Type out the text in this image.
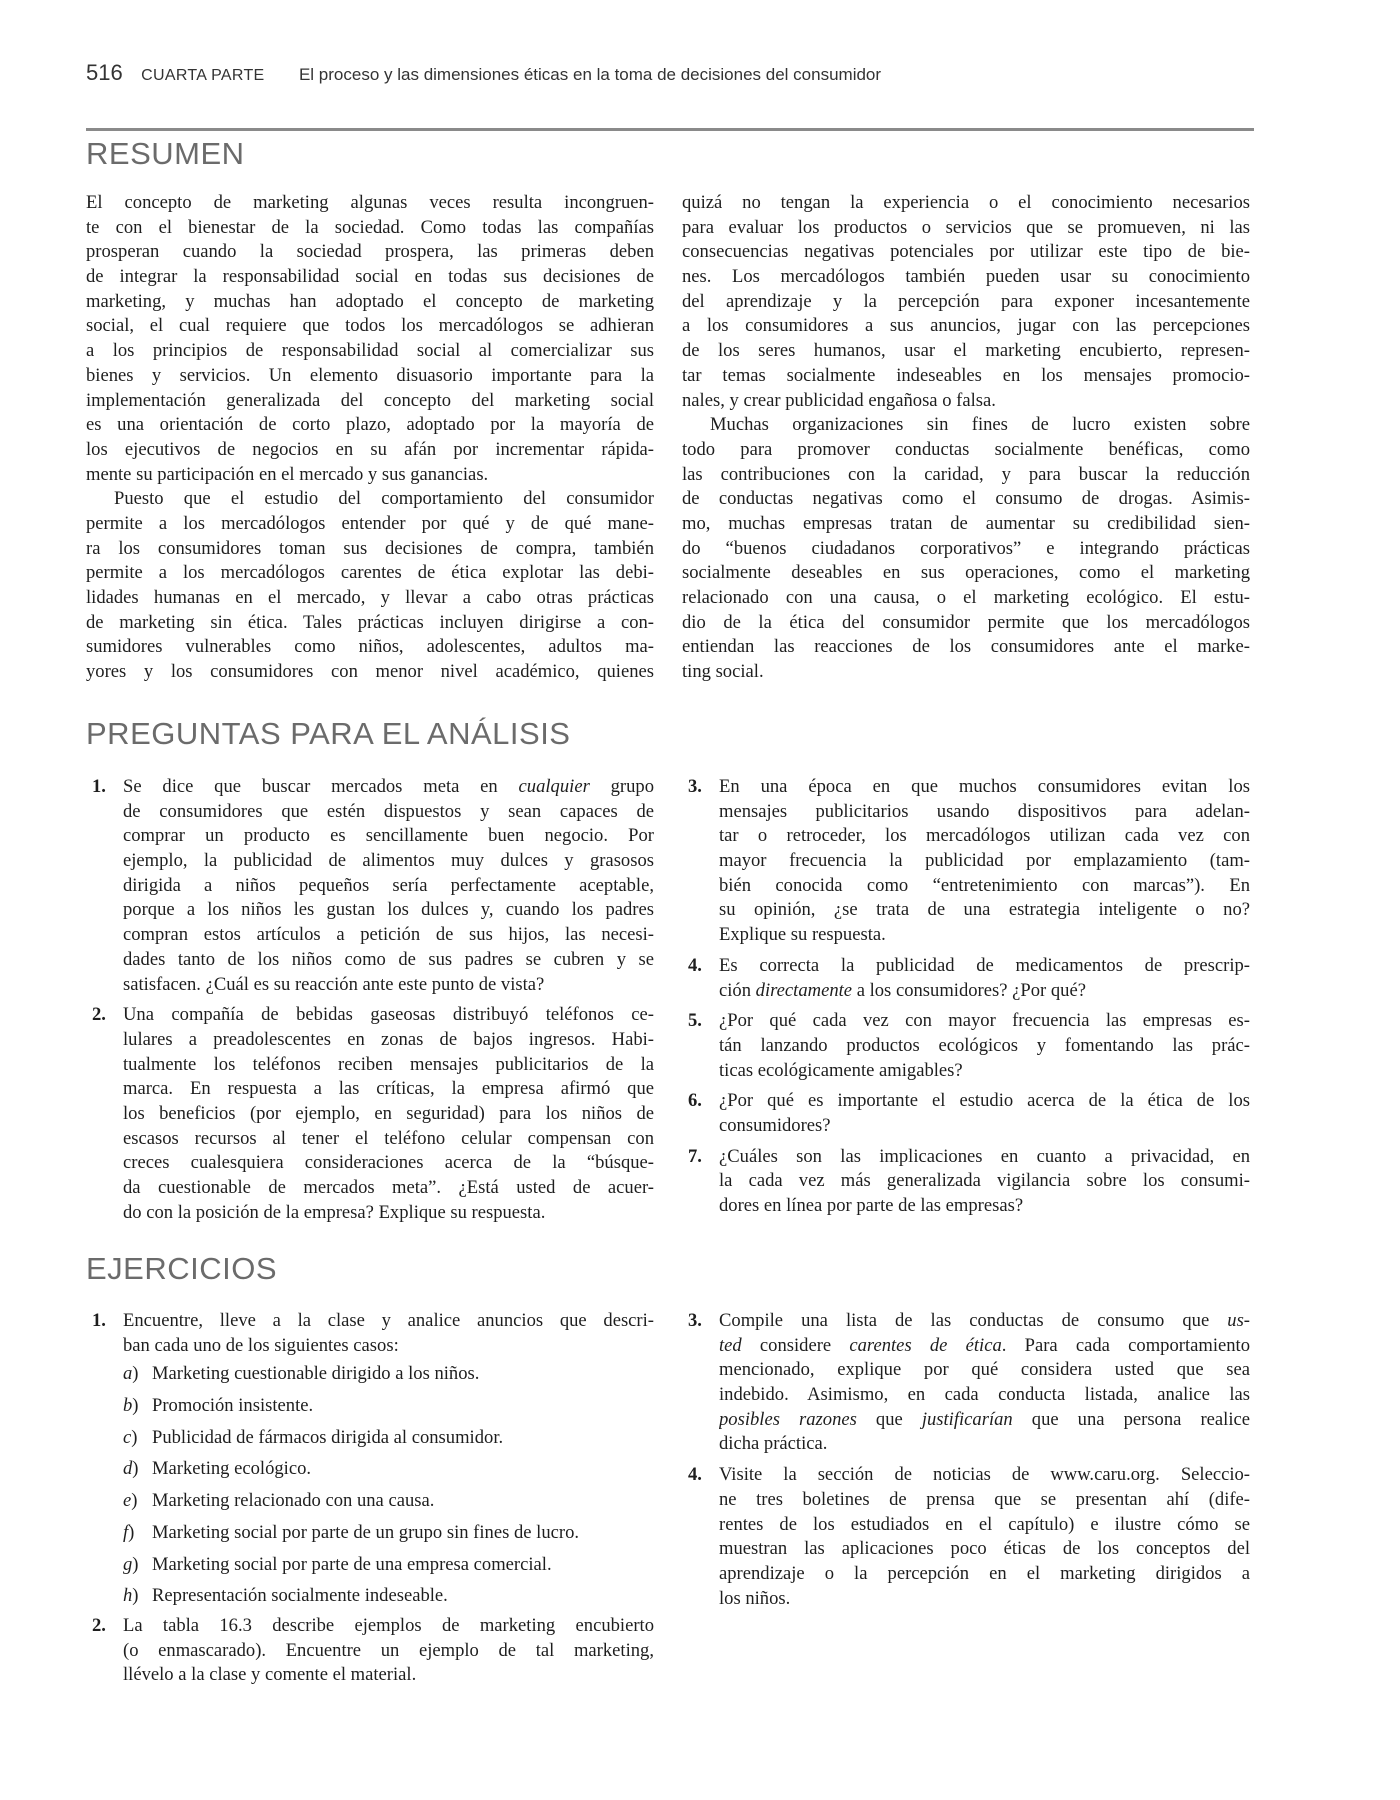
516 CUARTA PARTE El proceso y las dimensiones éticas en la toma de decisiones del consumidor
RESUMEN
El concepto de marketing algunas veces resulta incongruen-
te con el bienestar de la sociedad. Como todas las compañías
prosperan cuando la sociedad prospera, las primeras deben
de integrar la responsabilidad social en todas sus decisiones de
marketing, y muchas han adoptado el concepto de marketing
social, el cual requiere que todos los mercadólogos se adhieran
a los principios de responsabilidad social al comercializar sus
bienes y servicios. Un elemento disuasorio importante para la
implementación generalizada del concepto del marketing social
es una orientación de corto plazo, adoptado por la mayoría de
los ejecutivos de negocios en su afán por incrementar rápida-
mente su participación en el mercado y sus ganancias.
Puesto que el estudio del comportamiento del consumidor
permite a los mercadólogos entender por qué y de qué mane-
ra los consumidores toman sus decisiones de compra, también
permite a los mercadólogos carentes de ética explotar las debi-
lidades humanas en el mercado, y llevar a cabo otras prácticas
de marketing sin ética. Tales prácticas incluyen dirigirse a con-
sumidores vulnerables como niños, adolescentes, adultos ma-
yores y los consumidores con menor nivel académico, quienes
quizá no tengan la experiencia o el conocimiento necesarios
para evaluar los productos o servicios que se promueven, ni las
consecuencias negativas potenciales por utilizar este tipo de bie-
nes. Los mercadólogos también pueden usar su conocimiento
del aprendizaje y la percepción para exponer incesantemente
a los consumidores a sus anuncios, jugar con las percepciones
de los seres humanos, usar el marketing encubierto, represen-
tar temas socialmente indeseables en los mensajes promocio-
nales, y crear publicidad engañosa o falsa.
Muchas organizaciones sin fines de lucro existen sobre
todo para promover conductas socialmente benéficas, como
las contribuciones con la caridad, y para buscar la reducción
de conductas negativas como el consumo de drogas. Asimis-
mo, muchas empresas tratan de aumentar su credibilidad sien-
do “buenos ciudadanos corporativos” e integrando prácticas
socialmente deseables en sus operaciones, como el marketing
relacionado con una causa, o el marketing ecológico. El estu-
dio de la ética del consumidor permite que los mercadólogos
entiendan las reacciones de los consumidores ante el marke-
ting social.
PREGUNTAS PARA EL ANÁLISIS
1. Se dice que buscar mercados meta en cualquier grupo
de consumidores que estén dispuestos y sean capaces de
comprar un producto es sencillamente buen negocio. Por
ejemplo, la publicidad de alimentos muy dulces y grasosos
dirigida a niños pequeños sería perfectamente aceptable,
porque a los niños les gustan los dulces y, cuando los padres
compran estos artículos a petición de sus hijos, las necesi-
dades tanto de los niños como de sus padres se cubren y se
satisfacen. ¿Cuál es su reacción ante este punto de vista?
2. Una compañía de bebidas gaseosas distribuyó teléfonos ce-
lulares a preadolescentes en zonas de bajos ingresos. Habi-
tualmente los teléfonos reciben mensajes publicitarios de la
marca. En respuesta a las críticas, la empresa afirmó que
los beneficios (por ejemplo, en seguridad) para los niños de
escasos recursos al tener el teléfono celular compensan con
creces cualesquiera consideraciones acerca de la “búsque-
da cuestionable de mercados meta”. ¿Está usted de acuer-
do con la posición de la empresa? Explique su respuesta.
3. En una época en que muchos consumidores evitan los
mensajes publicitarios usando dispositivos para adelan-
tar o retroceder, los mercadólogos utilizan cada vez con
mayor frecuencia la publicidad por emplazamiento (tam-
bién conocida como “entretenimiento con marcas”). En
su opinión, ¿se trata de una estrategia inteligente o no?
Explique su respuesta.
4. Es correcta la publicidad de medicamentos de prescrip-
ción directamente a los consumidores? ¿Por qué?
5. ¿Por qué cada vez con mayor frecuencia las empresas es-
tán lanzando productos ecológicos y fomentando las prác-
ticas ecológicamente amigables?
6. ¿Por qué es importante el estudio acerca de la ética de los
consumidores?
7. ¿Cuáles son las implicaciones en cuanto a privacidad, en
la cada vez más generalizada vigilancia sobre los consumi-
dores en línea por parte de las empresas?
EJERCICIOS
1. Encuentre, lleve a la clase y analice anuncios que descri-
ban cada uno de los siguientes casos:
a) Marketing cuestionable dirigido a los niños.
b) Promoción insistente.
c) Publicidad de fármacos dirigida al consumidor.
d) Marketing ecológico.
e) Marketing relacionado con una causa.
f) Marketing social por parte de un grupo sin fines de lucro.
g) Marketing social por parte de una empresa comercial.
h) Representación socialmente indeseable.
2. La tabla 16.3 describe ejemplos de marketing encubierto
(o enmascarado). Encuentre un ejemplo de tal marketing,
llévelo a la clase y comente el material.
3. Compile una lista de las conductas de consumo que us-
ted considere carentes de ética. Para cada comportamiento
mencionado, explique por qué considera usted que sea
indebido. Asimismo, en cada conducta listada, analice las
posibles razones que justificarían que una persona realice
dicha práctica.
4. Visite la sección de noticias de www.caru.org. Seleccio-
ne tres boletines de prensa que se presentan ahí (dife-
rentes de los estudiados en el capítulo) e ilustre cómo se
muestran las aplicaciones poco éticas de los conceptos del
aprendizaje o la percepción en el marketing dirigidos a
los niños.
